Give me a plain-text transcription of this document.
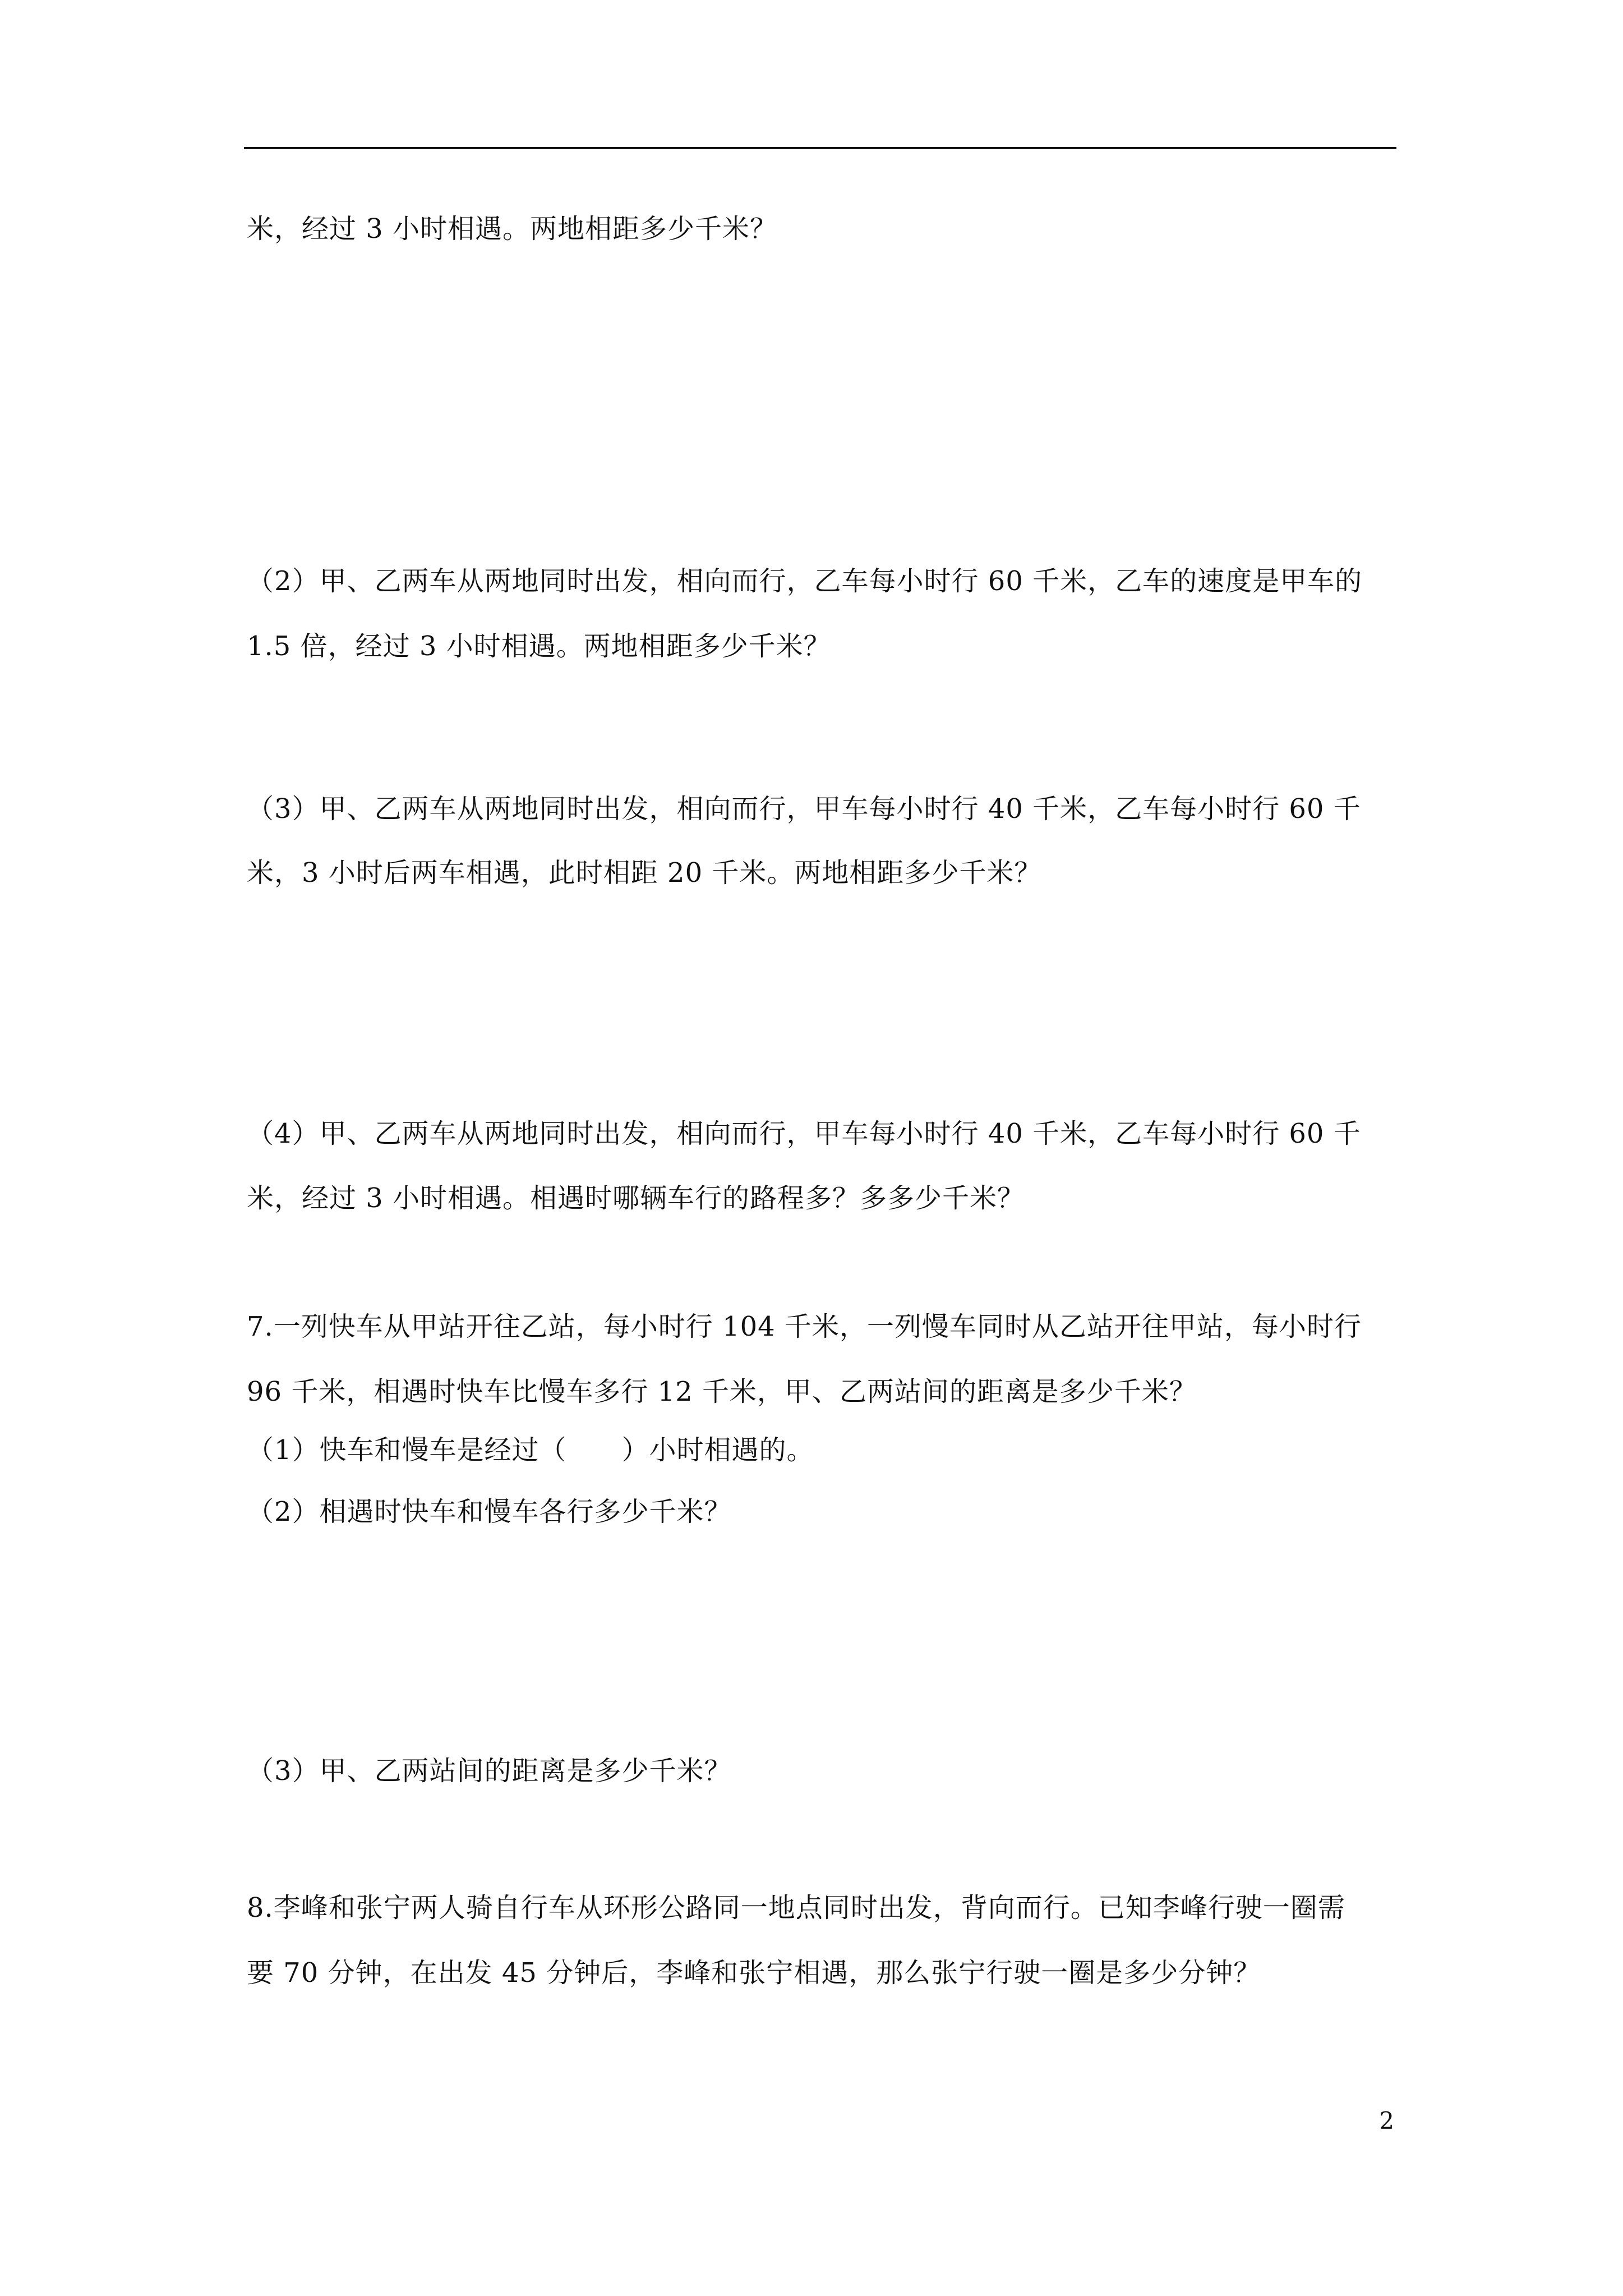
米，经过 3 小时相遇。两地相距多少千米？
（2）甲、乙两车从两地同时出发，相向而行，乙车每小时行 60 千米，乙车的速度是甲车的
1.5 倍，经过 3 小时相遇。两地相距多少千米？
（3）甲、乙两车从两地同时出发，相向而行，甲车每小时行 40 千米，乙车每小时行 60 千
米，3 小时后两车相遇，此时相距 20 千米。两地相距多少千米？
（4）甲、乙两车从两地同时出发，相向而行，甲车每小时行 40 千米，乙车每小时行 60 千
米，经过 3 小时相遇。相遇时哪辆车行的路程多？多多少千米？
7.一列快车从甲站开往乙站，每小时行 104 千米，一列慢车同时从乙站开往甲站，每小时行
96 千米，相遇时快车比慢车多行 12 千米，甲、乙两站间的距离是多少千米？
（1）快车和慢车是经过（　　）小时相遇的。
（2）相遇时快车和慢车各行多少千米？
（3）甲、乙两站间的距离是多少千米？
8.李峰和张宁两人骑自行车从环形公路同一地点同时出发，背向而行。已知李峰行驶一圈需
要 70 分钟，在出发 45 分钟后，李峰和张宁相遇，那么张宁行驶一圈是多少分钟？
2
